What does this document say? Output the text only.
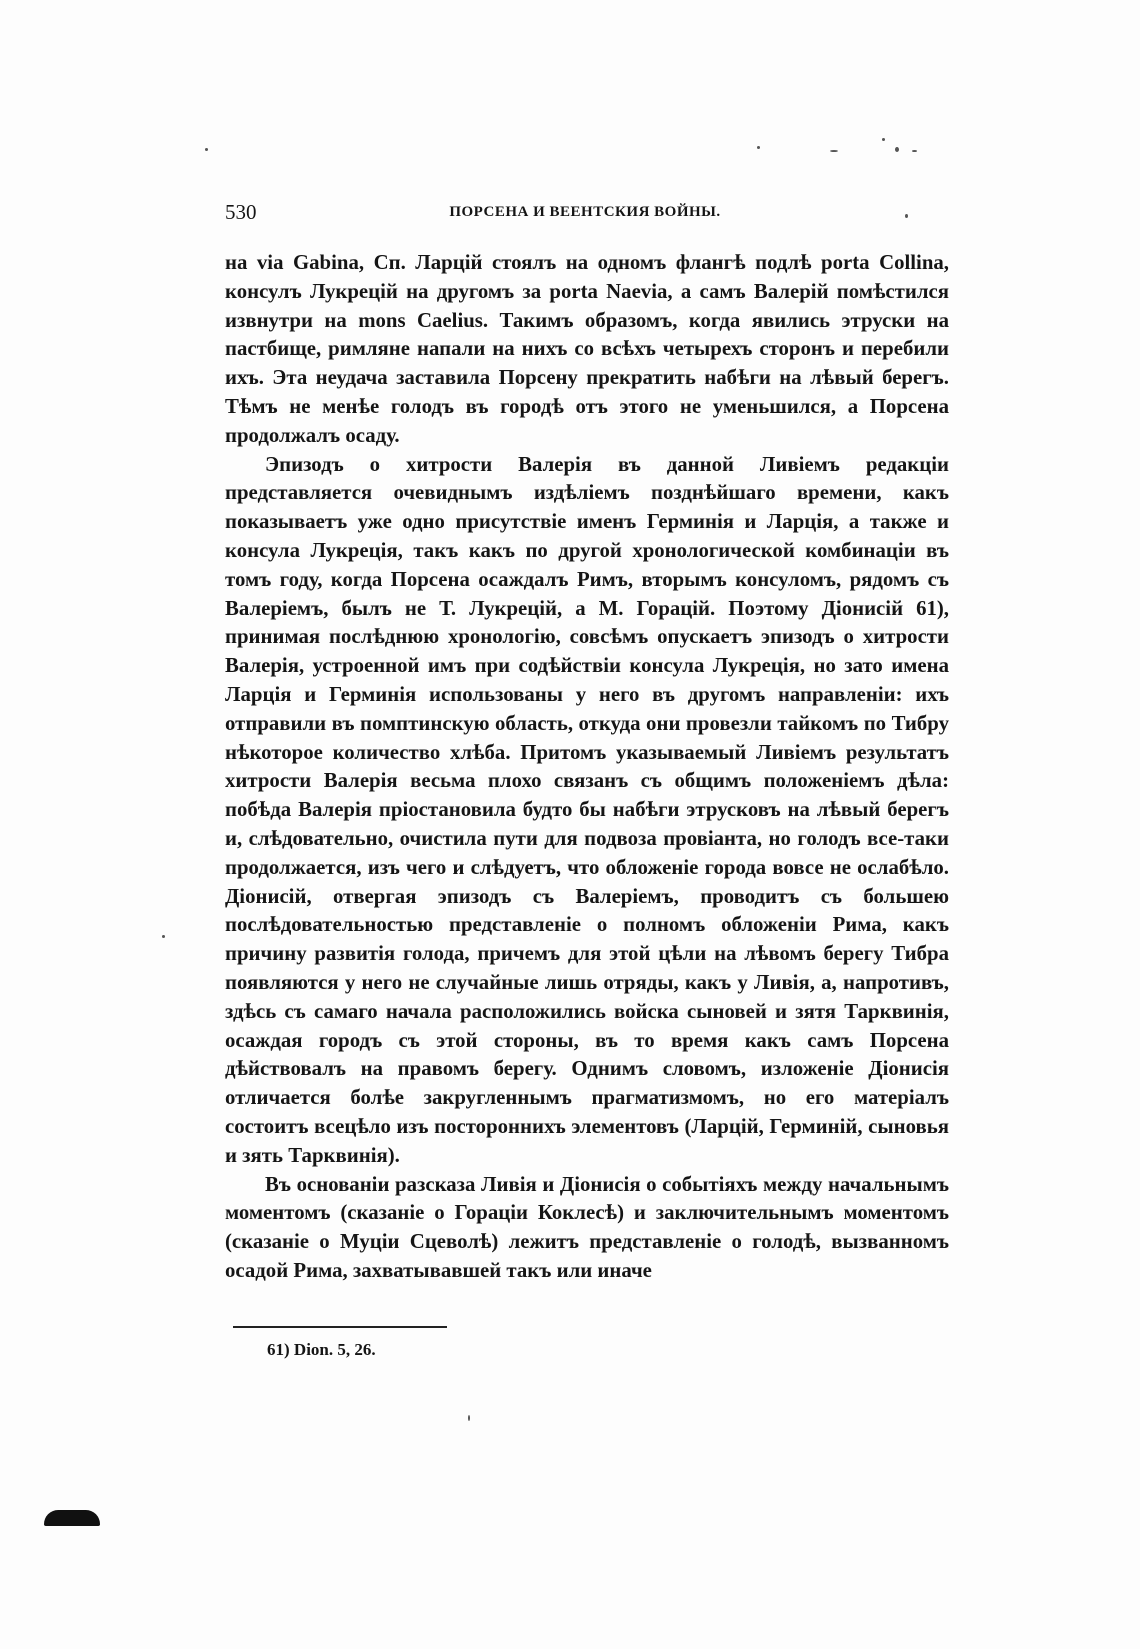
530	ПОРСЕНА И ВЕЕНТСКИЯ ВОЙНЫ.

на via Gabina, Сп. Ларцій стоялъ на одномъ флангѣ подлѣ porta Collina, консулъ Лукрецій на другомъ за porta Naevia, а самъ Валерій помѣстился извнутри на mons Caelius. Такимъ образомъ, когда явились этруски на пастбище, римляне напали на нихъ со всѣхъ четырехъ сторонъ и перебили ихъ. Эта неудача заставила Порсену прекратить набѣги на лѣвый берегъ. Тѣмъ не менѣе голодъ въ городѣ отъ этого не уменьшился, а Порсена продолжалъ осаду.

Эпизодъ о хитрости Валерія въ данной Ливіемъ редакціи представляется очевиднымъ издѣліемъ позднѣйшаго времени, какъ показываетъ уже одно присутствіе именъ Герминія и Ларція, а также и консула Лукреція, такъ какъ по другой хронологической комбинаціи въ томъ году, когда Порсена осаждалъ Римъ, вторымъ консуломъ, рядомъ съ Валеріемъ, былъ не Т. Лукрецій, а М. Горацій. Поэтому Діонисій 61), принимая послѣднюю хронологію, совсѣмъ опускаетъ эпизодъ о хитрости Валерія, устроенной имъ при содѣйствіи консула Лукреція, но зато имена Ларція и Герминія использованы у него въ другомъ направленіи: ихъ отправили въ помптинскую область, откуда они провезли тайкомъ по Тибру нѣкоторое количество хлѣба. Притомъ указываемый Ливіемъ результатъ хитрости Валерія весьма плохо связанъ съ общимъ положеніемъ дѣла: побѣда Валерія пріостановила будто бы набѣги этрусковъ на лѣвый берегъ и, слѣдовательно, очистила пути для подвоза провіанта, но голодъ все-таки продолжается, изъ чего и слѣдуетъ, что обложеніе города вовсе не ослабѣло. Діонисій, отвергая эпизодъ съ Валеріемъ, проводитъ съ большею послѣдовательностью представленіе о полномъ обложеніи Рима, какъ причину развитія голода, причемъ для этой цѣли на лѣвомъ берегу Тибра появляются у него не случайные лишь отряды, какъ у Ливія, а, напротивъ, здѣсь съ самаго начала расположились войска сыновей и зятя Тарквинія, осаждая городъ съ этой стороны, въ то время какъ самъ Порсена дѣйствовалъ на правомъ берегу. Однимъ словомъ, изложеніе Діонисія отличается болѣе закругленнымъ прагматизмомъ, но его матеріалъ состоитъ всецѣло изъ постороннихъ элементовъ (Ларцій, Герминій, сыновья и зять Тарквинія).

Въ основаніи разсказа Ливія и Діонисія о событіяхъ между начальнымъ моментомъ (сказаніе о Гораціи Коклесѣ) и заключительнымъ моментомъ (сказаніе о Муціи Сцеволѣ) лежитъ представленіе о голодѣ, вызванномъ осадой Рима, захватывавшей такъ или иначе

61) Dion. 5, 26.
